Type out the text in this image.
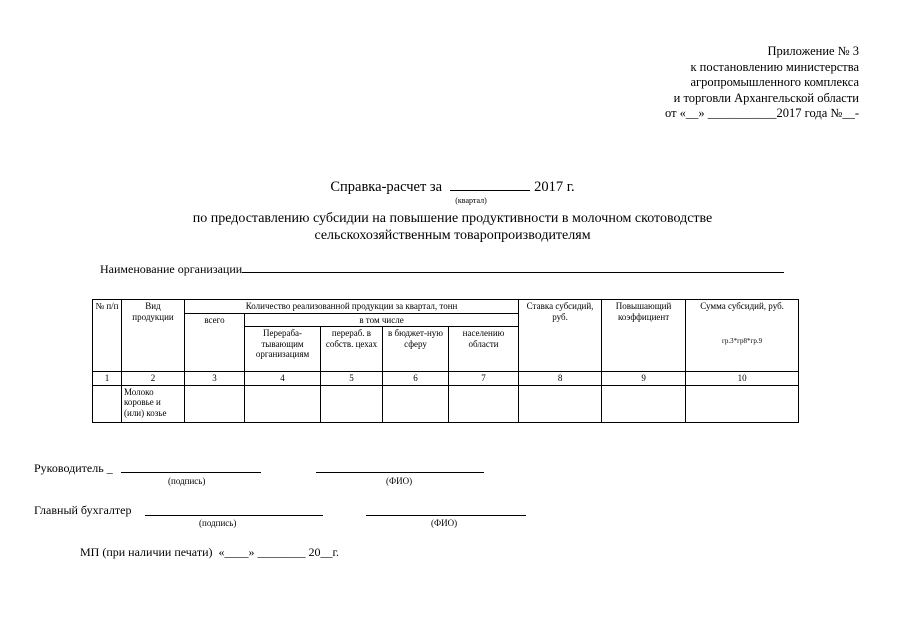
Приложение № 3
к постановлению министерства
агропромышленного комплекса
и торговли Архангельской области
от «__» ___________2017 года №__-
Справка-расчет за	2017 г.
(квартал)
по предоставлению субсидии на повышение продуктивности в молочном скотоводстве
сельскохозяйственным товаропроизводителям
Наименование организации
№ п/п	Вид продукции	Количество реализованной продукции за квартал, тонн					Ставка субсидий, руб.	Повышающий коэффициент	Сумма субсидий, руб.
гр.3*гр8*гр.9

		всего	в том числе						
			Перераба-тывающим организациям	перераб. в собств. цехах	в бюджет-ную сферу	населению области			
1	2	3	4	5	6	7	8	9	10
	Молоко коровье и (или) козье								
Руководитель _
(подпись)	(ФИО)
Главный бухгалтер
(подпись)	(ФИО)
МП (при наличии печати) «____» ________ 20__г.
